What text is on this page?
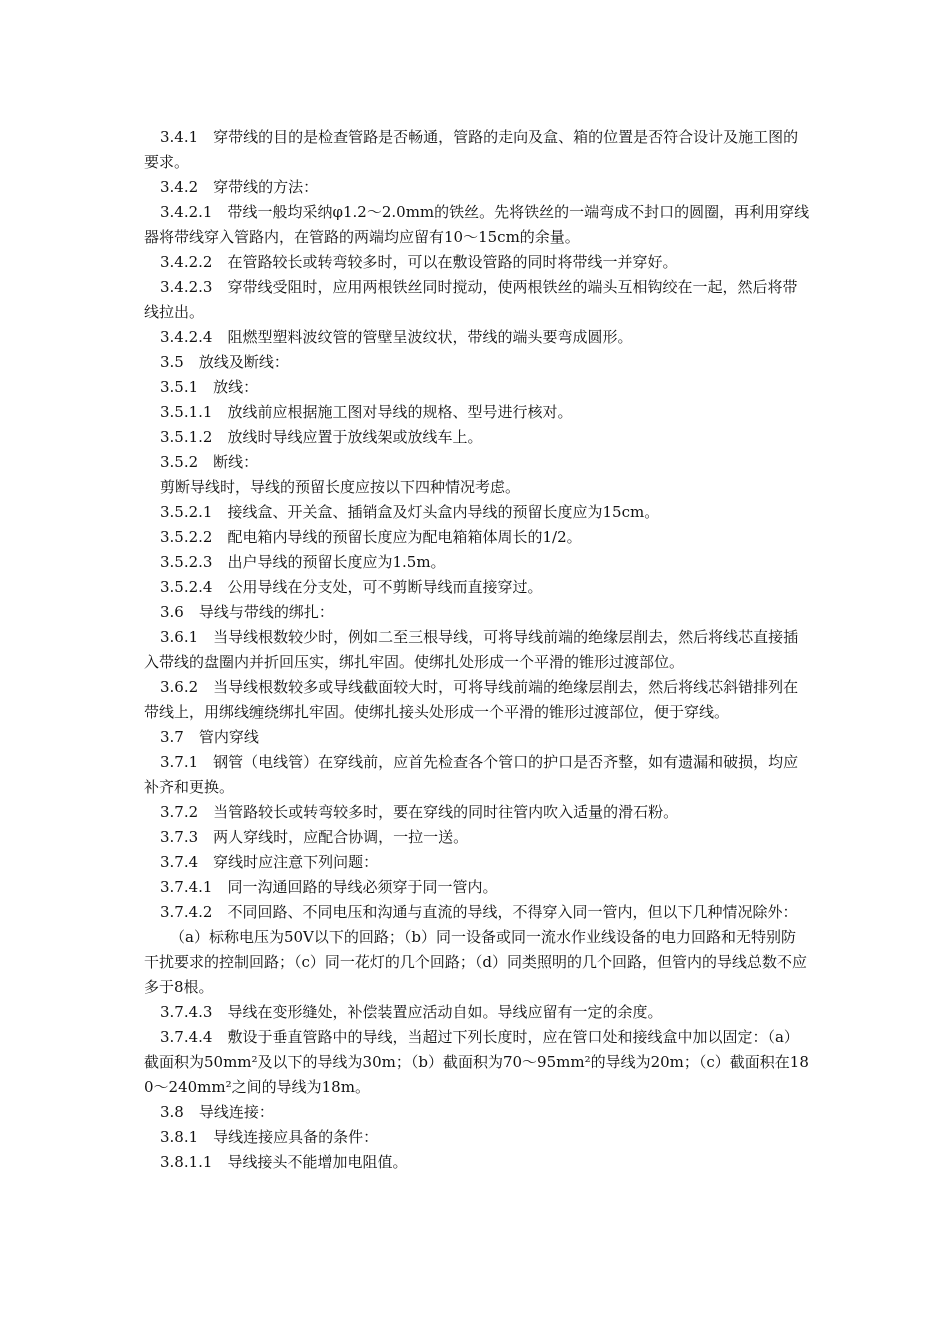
3.4.1　穿带线的目的是检查管路是否畅通，管路的走向及盒、箱的位置是否符合设计及施工图的要求。

3.4.2　穿带线的方法：

3.4.2.1　带线一般均采纳φ1.2～2.0mm的铁丝。先将铁丝的一端弯成不封口的圆圈，再利用穿线器将带线穿入管路内，在管路的两端均应留有10～15cm的余量。

3.4.2.2　在管路较长或转弯较多时，可以在敷设管路的同时将带线一并穿好。

3.4.2.3　穿带线受阻时，应用两根铁丝同时搅动，使两根铁丝的端头互相钩绞在一起，然后将带线拉出。

3.4.2.4　阻燃型塑料波纹管的管壁呈波纹状，带线的端头要弯成圆形。

3.5　放线及断线：

3.5.1　放线：

3.5.1.1　放线前应根据施工图对导线的规格、型号进行核对。

3.5.1.2　放线时导线应置于放线架或放线车上。

3.5.2　断线：

剪断导线时，导线的预留长度应按以下四种情况考虑。

3.5.2.1　接线盒、开关盒、插销盒及灯头盒内导线的预留长度应为15cm。

3.5.2.2　配电箱内导线的预留长度应为配电箱箱体周长的1/2。

3.5.2.3　出户导线的预留长度应为1.5m。

3.5.2.4　公用导线在分支处，可不剪断导线而直接穿过。

3.6　导线与带线的绑扎：

3.6.1　当导线根数较少时，例如二至三根导线，可将导线前端的绝缘层削去，然后将线芯直接插入带线的盘圈内并折回压实，绑扎牢固。使绑扎处形成一个平滑的锥形过渡部位。

3.6.2　当导线根数较多或导线截面较大时，可将导线前端的绝缘层削去，然后将线芯斜错排列在带线上，用绑线缠绕绑扎牢固。使绑扎接头处形成一个平滑的锥形过渡部位，便于穿线。

3.7　管内穿线

3.7.1　钢管（电线管）在穿线前，应首先检查各个管口的护口是否齐整，如有遗漏和破损，均应补齐和更换。

3.7.2　当管路较长或转弯较多时，要在穿线的同时往管内吹入适量的滑石粉。

3.7.3　两人穿线时，应配合协调，一拉一送。

3.7.4　穿线时应注意下列问题：

3.7.4.1　同一沟通回路的导线必须穿于同一管内。

3.7.4.2　不同回路、不同电压和沟通与直流的导线，不得穿入同一管内，但以下几种情况除外：

（a）标称电压为50V以下的回路；（b）同一设备或同一流水作业线设备的电力回路和无特别防干扰要求的控制回路；（c）同一花灯的几个回路；（d）同类照明的几个回路，但管内的导线总数不应多于8根。

3.7.4.3　导线在变形缝处，补偿装置应活动自如。导线应留有一定的余度。

3.7.4.4　敷设于垂直管路中的导线，当超过下列长度时，应在管口处和接线盒中加以固定：（a）截面积为50mm²及以下的导线为30m；（b）截面积为70～95mm²的导线为20m；（c）截面积在180～240mm²之间的导线为18m。

3.8　导线连接：

3.8.1　导线连接应具备的条件：

3.8.1.1　导线接头不能增加电阻值。
